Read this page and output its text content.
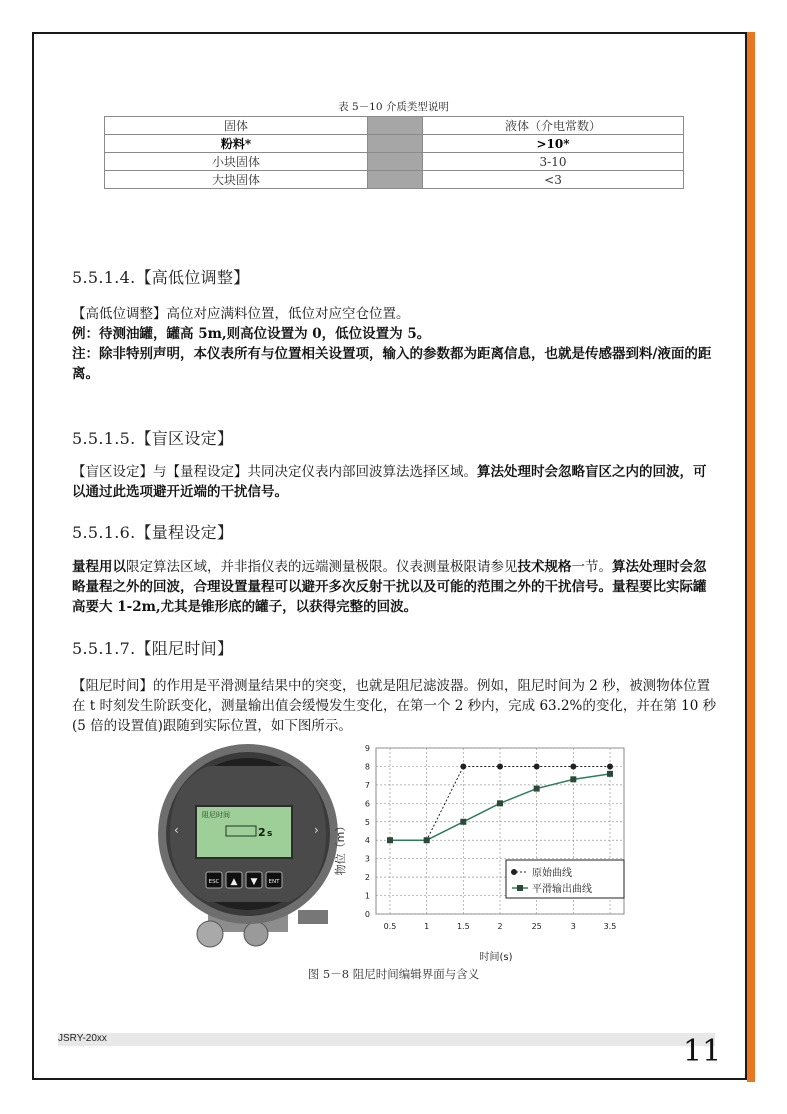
表 5－10 介质类型说明
固体		液体（介电常数）
粉料*		>10*
小块固体		3-10
大块固体		<3
5.5.1.4.【高低位调整】
【高低位调整】高位对应满料位置，低位对应空仓位置。
例：待测油罐，罐高 5m,则高位设置为 0，低位设置为 5。
注：除非特别声明，本仪表所有与位置相关设置项，输入的参数都为距离信息，也就是传感器到料/液面的距离。
5.5.1.5.【盲区设定】
【盲区设定】与【量程设定】共同决定仪表内部回波算法选择区域。算法处理时会忽略盲区之内的回波，可以通过此选项避开近端的干扰信号。
5.5.1.6.【量程设定】
量程用以限定算法区域，并非指仪表的远端测量极限。仪表测量极限请参见技术规格一节。算法处理时会忽略量程之外的回波，合理设置量程可以避开多次反射干扰以及可能的范围之外的干扰信号。量程要比实际罐高要大 1-2m,尤其是锥形底的罐子，以获得完整的回波。
5.5.1.7.【阻尼时间】
【阻尼时间】的作用是平滑测量结果中的突变，也就是阻尼滤波器。例如，阻尼时间为 2 秒，被测物体位置在 t 时刻发生阶跃变化，测量输出值会缓慢发生变化，在第一个 2 秒内，完成 63.2%的变化，并在第 10 秒(5 倍的设置值)跟随到实际位置，如下图所示。
‹	›
阻尼时间
2 s
ESC ▲ ▼ ENT
0
1
2
3
4
5
6
7
8
9
0.5	1	1.5	2	25	3	3.5
物位（m）
时间(s)
原始曲线
平滑输出曲线
图 5－8 阻尼时间编辑界面与含义
JSRY-20xx	11
